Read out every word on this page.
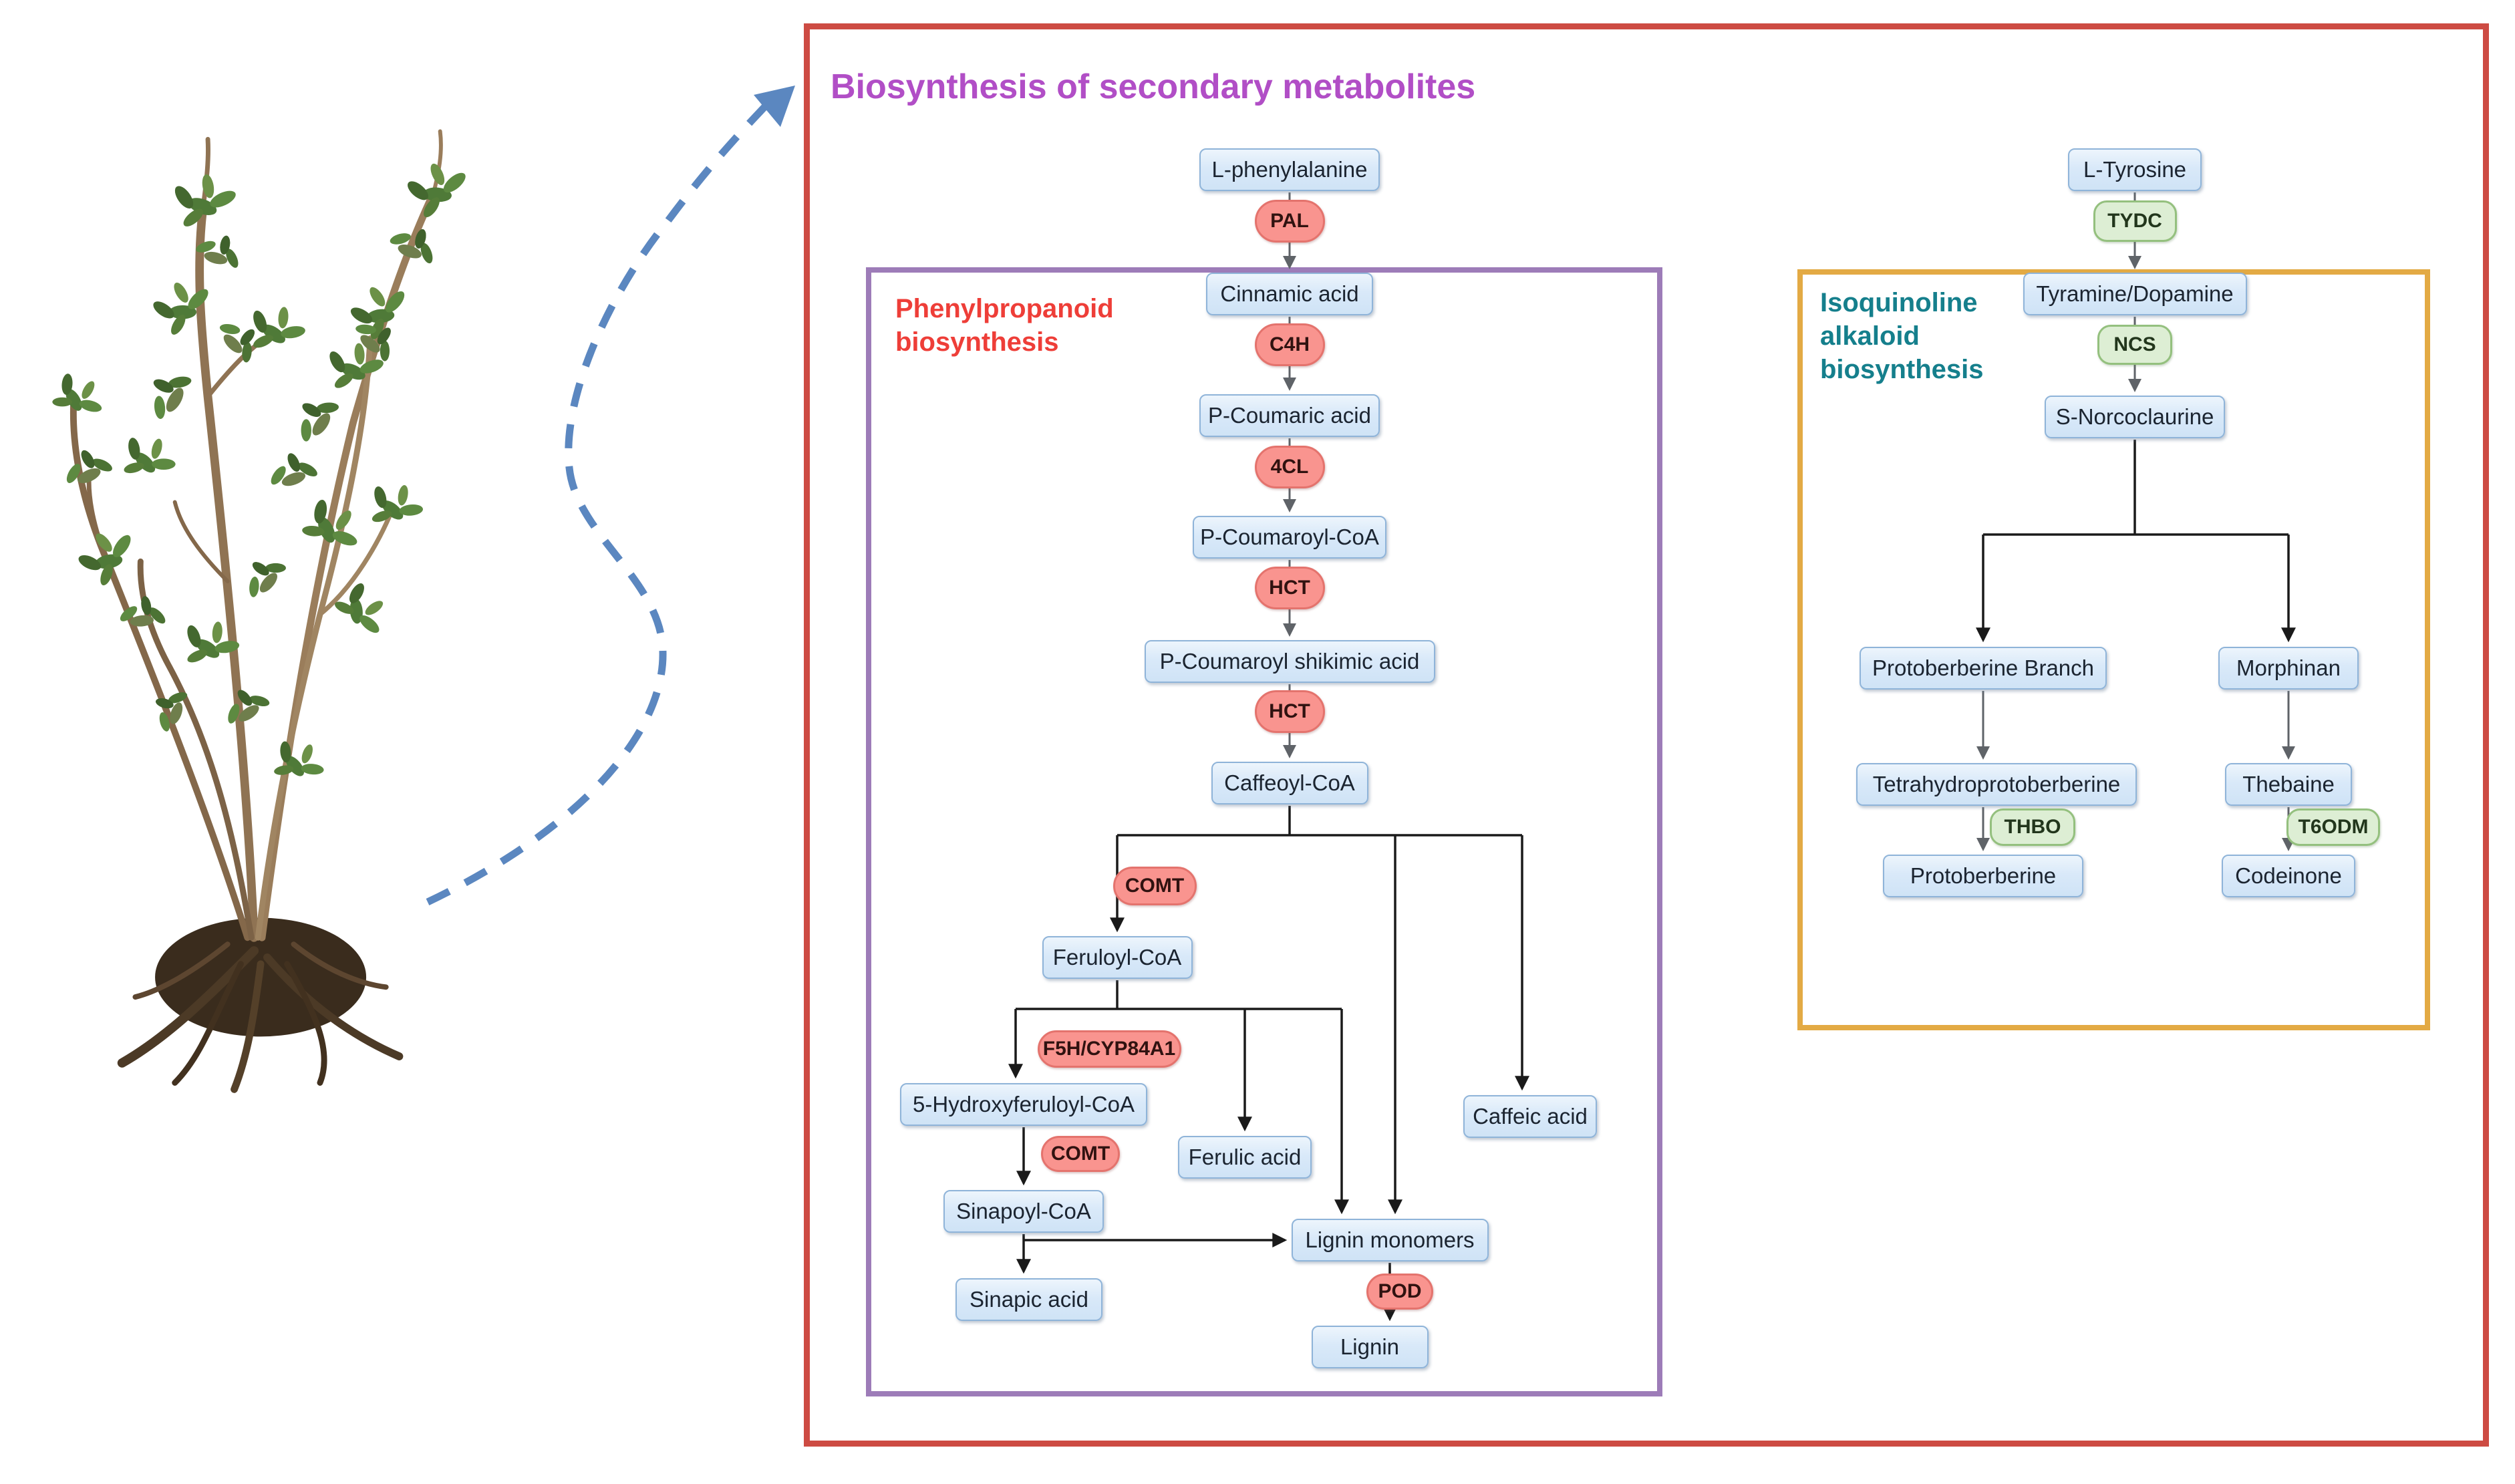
Biosynthesis of secondary metabolites
Phenylpropanoid biosynthesis
Isoquinoline alkaloid biosynthesis
L-phenylalanine
PAL
Cinnamic acid
C4H
P-Coumaric acid
4CL
P-Coumaroyl-CoA
HCT
P-Coumaroyl shikimic acid
HCT
Caffeoyl-CoA
COMT
Feruloyl-CoA
F5H/CYP84A1
5-Hydroxyferuloyl-CoA
COMT	Ferulic acid
Caffeic acid
Sinapoyl-CoA
Sinapic acid
Lignin monomers
POD
Lignin
L-Tyrosine
TYDC
Tyramine/Dopamine
NCS
S-Norcoclaurine
Protoberberine Branch	Morphinan
Tetrahydroprotoberberine
THBO
Protoberberine
Thebaine
T6ODM
Codeinone
